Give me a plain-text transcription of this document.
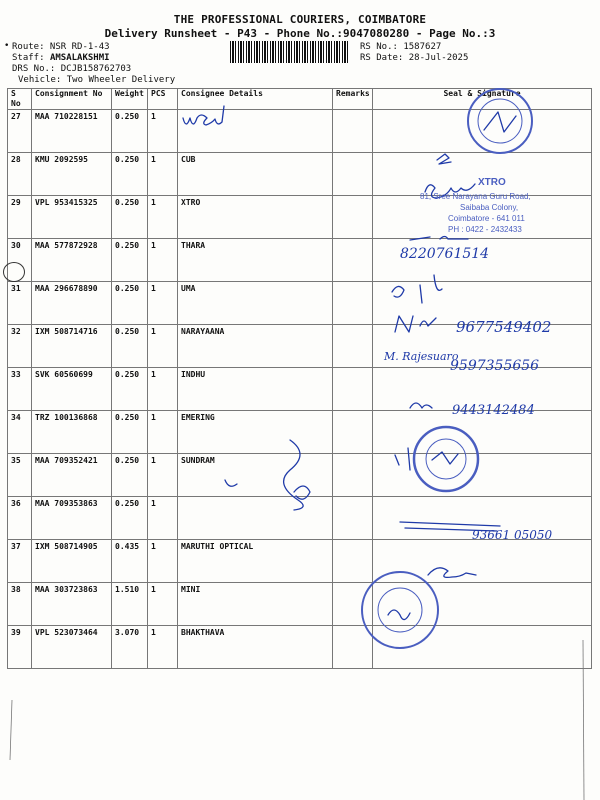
•
THE PROFESSIONAL COURIERS, COIMBATORE
Delivery Runsheet - P43 - Phone No.:9047080280 - Page No.:3
Route: NSR RD-1-43
Staff: AMSALAKSHMI
DRS No.: DCJB158762703
Vehicle: Two Wheeler Delivery
RS No.: 1587627
RS Date: 28-Jul-2025
S No	Consignment No	Weight	PCS	Consignee Details	Remarks	Seal & Signature
27	MAA 710228151	0.250	1			
28	KMU 2092595	0.250	1	CUB		
29	VPL 953415325	0.250	1	XTRO		
30	MAA 577872928	0.250	1	THARA		
31	MAA 296678890	0.250	1	UMA		
32	IXM 508714716	0.250	1	NARAYAANA		
33	SVK 60560699	0.250	1	INDHU		
34	TRZ 100136868	0.250	1	EMERING		
35	MAA 709352421	0.250	1	SUNDRAM		
36	MAA 709353863	0.250	1			
37	IXM 508714905	0.435	1	MARUTHI OPTICAL		
38	MAA 303723863	1.510	1	MINI		
39	VPL 523073464	3.070	1	BHAKTHAVA		
XTRO
81, Sree Narayana Guru Road,
Saibaba Colony,
Coimbatore - 641 011
PH : 0422 - 2432433
8220761514
9677549402
M. Rajesuaro
9597355656
9443142484
93661 05050
